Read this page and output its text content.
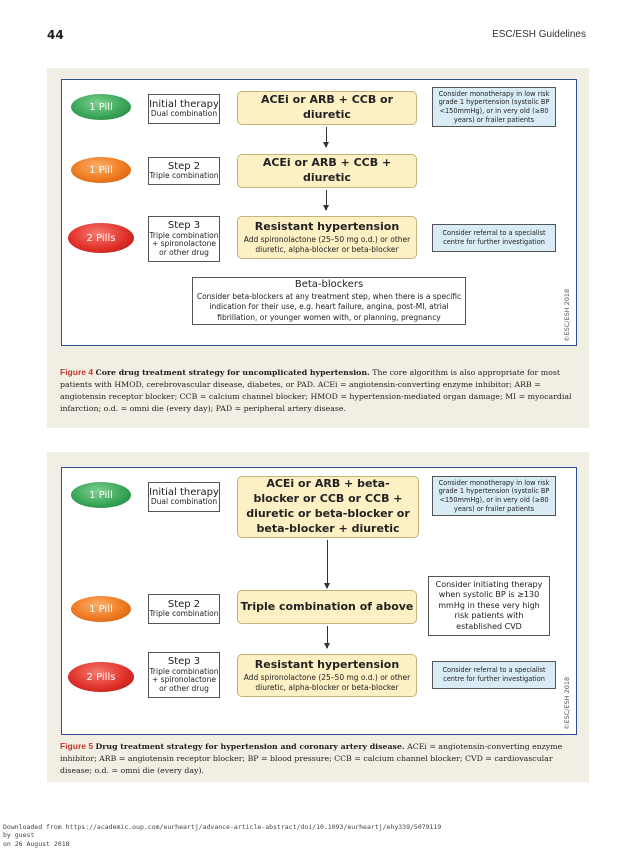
44	ESC/ESH Guidelines
1 Pill	Initial therapy
Dual combination
ACEi or ARB + CCB or diuretic
Consider monotherapy in low risk grade 1 hypertension (systolic BP <150mmHg), or in very old (≥80 years) or frailer patients
1 Pill	Step 2
Triple combination
ACEi or ARB + CCB + diuretic
2 Pills
Step 3
Triple combination + spironolactone or other drug
Resistant hypertension
Add spironolactone (25–50 mg o.d.) or other diuretic, alpha-blocker or beta-blocker
Consider referral to a specialist centre for further investigation
Beta-blockers
Consider beta-blockers at any treatment step, when there is a specific indication for their use, e.g. heart failure, angina, post-MI, atrial fibrillation, or younger women with, or planning, pregnancy	©ESC/ESH 2018
Figure 4 Core drug treatment strategy for uncomplicated hypertension. The core algorithm is also appropriate for most patients with HMOD, cerebrovascular disease, diabetes, or PAD. ACEi = angiotensin-converting enzyme inhibitor; ARB = angiotensin receptor blocker; CCB = calcium channel blocker; HMOD = hypertension-mediated organ damage; MI = myocardial infarction; o.d. = omni die (every day); PAD = peripheral artery disease.
1 Pill	Initial therapy
Dual combination
ACEi or ARB + beta-blocker or CCB or CCB + diuretic or beta-blocker or beta-blocker + diuretic
Consider monotherapy in low risk grade 1 hypertension (systolic BP <150mmHg), or in very old (≥80 years) or frailer patients
1 Pill	Step 2
Triple combination
Triple combination of above
Consider initiating therapy when systolic BP is ≥130 mmHg in these very high risk patients with established CVD
2 Pills
Step 3
Triple combination + spironolactone or other drug
Resistant hypertension
Add spironolactone (25–50 mg o.d.) or other diuretic, alpha-blocker or beta-blocker
Consider referral to a specialist centre for further investigation	©ESC/ESH 2018
Figure 5 Drug treatment strategy for hypertension and coronary artery disease. ACEi = angiotensin-converting enzyme inhibitor; ARB = angiotensin receptor blocker; BP = blood pressure; CCB = calcium channel blocker; CVD = cardiovascular disease; o.d. = omni die (every day).
Downloaded from https://academic.oup.com/eurheartj/advance-article-abstract/doi/10.1093/eurheartj/ehy339/5079119
by guest
on 26 August 2018
